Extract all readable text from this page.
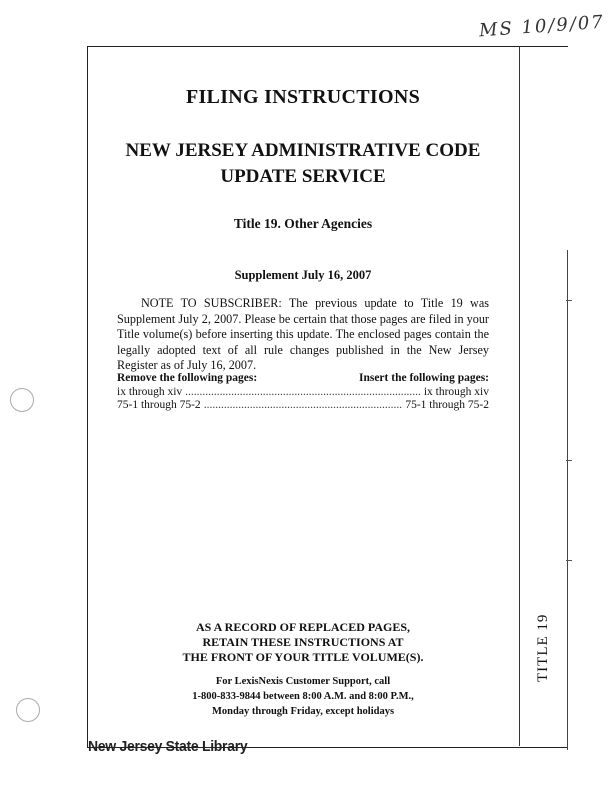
MS 10/9/07
FILING INSTRUCTIONS
NEW JERSEY ADMINISTRATIVE CODE
UPDATE SERVICE
Title 19. Other Agencies
Supplement July 16, 2007

NOTE TO SUBSCRIBER: The previous update to Title 19 was Supplement July 2, 2007. Please be certain that those pages are filed in your Title volume(s) before inserting this update. The enclosed pages contain the legally adopted text of all rule changes published in the New Jersey Register as of July 16, 2007.

Remove the following pages:	Insert the following pages:
ix through xiv .....	ix through xiv
75-1 through 75-2 .....	75-1 through 75-2
AS A RECORD OF REPLACED PAGES,
RETAIN THESE INSTRUCTIONS AT
THE FRONT OF YOUR TITLE VOLUME(S).
For LexisNexis Customer Support, call
1-800-833-9844 between 8:00 A.M. and 8:00 P.M.,
Monday through Friday, except holidays
TITLE 19
New Jersey State Library
